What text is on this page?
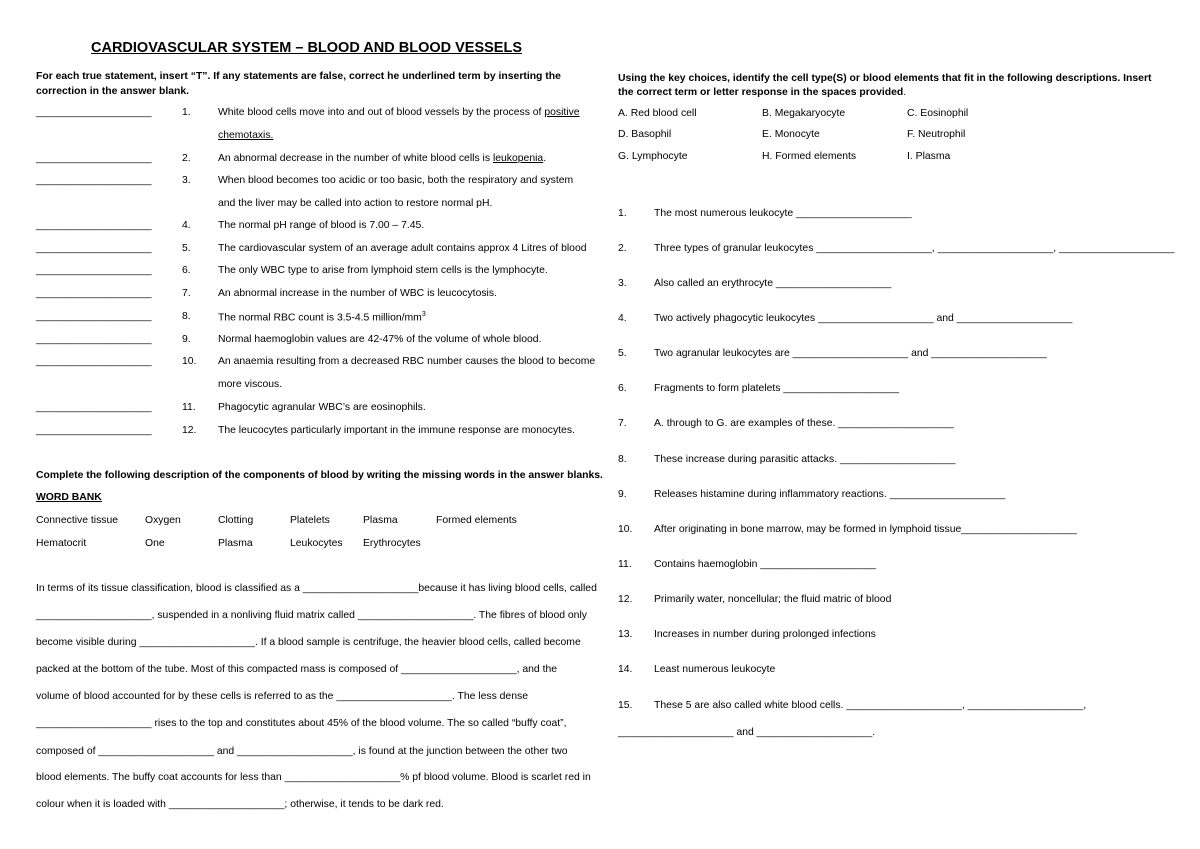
CARDIOVASCULAR SYSTEM – BLOOD AND BLOOD VESSELS
For each true statement, insert “T”. If any statements are false, correct he underlined term by inserting the correction in the answer blank.
____________________	1.	White blood cells move into and out of blood vessels by the process of positive
chemotaxis.
____________________	2.	An abnormal decrease in the number of white blood cells is leukopenia.
____________________	3.	When blood becomes too acidic or too basic, both the respiratory and system
and the liver may be called into action to restore normal pH.
____________________	4.	The normal pH range of blood is 7.00 – 7.45.
____________________	5.	The cardiovascular system of an average adult contains approx 4 Litres of blood
____________________	6.	The only WBC type to arise from lymphoid stem cells is the lymphocyte.
____________________	7.	An abnormal increase in the number of WBC is leucocytosis.
____________________	8.	The normal RBC count is 3.5-4.5 million/$mm^3$
____________________	9.	Normal haemoglobin values are 42-47% of the volume of whole blood.
____________________	10. An anaemia resulting from a decreased RBC number causes the blood to become
more viscous.
____________________	11. Phagocytic agranular WBC’s are eosinophils.
____________________	12. The leucocytes particularly important in the immune response are monocytes.
Complete the following description of the components of blood by writing the missing words in the answer blanks.
WORD BANK
Connective tissue	Oxygen	Clotting	Platelets	Plasma	Formed elements
Hematocrit	One	Plasma	Leukocytes Erythrocytes
In terms of its tissue classification, blood is classified as a ____________________because it has living blood cells, called
____________________, suspended in a nonliving fluid matrix called ____________________. The fibres of blood only
become visible during ____________________. If a blood sample is centrifuge, the heavier blood cells, called become
packed at the bottom of the tube. Most of this compacted mass is composed of ____________________, and the
volume of blood accounted for by these cells is referred to as the ____________________. The less dense
____________________ rises to the top and constitutes about 45% of the blood volume. The so called “buffy coat”,
composed of ____________________ and ____________________, is found at the junction between the other two
blood elements. The buffy coat accounts for less than ____________________% pf blood volume. Blood is scarlet red in
colour when it is loaded with ____________________; otherwise, it tends to be dark red.
Using the key choices, identify the cell type(S) or blood elements that fit in the following descriptions. Insert the correct term or letter response in the spaces provided.
A. Red blood cell	B. Megakaryocyte	C. Eosinophil
D. Basophil	E. Monocyte	F. Neutrophil
G. Lymphocyte	H. Formed elements	I. Plasma
1.	The most numerous leukocyte ____________________
2.	Three types of granular leukocytes ____________________, ____________________, ____________________
3.	Also called an erythrocyte ____________________
4.	Two actively phagocytic leukocytes ____________________ and ____________________
5.	Two agranular leukocytes are ____________________ and ____________________
6.	Fragments to form platelets ____________________
7.	A. through to G. are examples of these. ____________________
8.	These increase during parasitic attacks. ____________________
9.	Releases histamine during inflammatory reactions. ____________________
10. After originating in bone marrow, may be formed in lymphoid tissue____________________
11. Contains haemoglobin ____________________
12. Primarily water, noncellular; the fluid matric of blood
13. Increases in number during prolonged infections
14. Least numerous leukocyte
15. These 5 are also called white blood cells. ____________________, ____________________,
____________________ and ____________________.
